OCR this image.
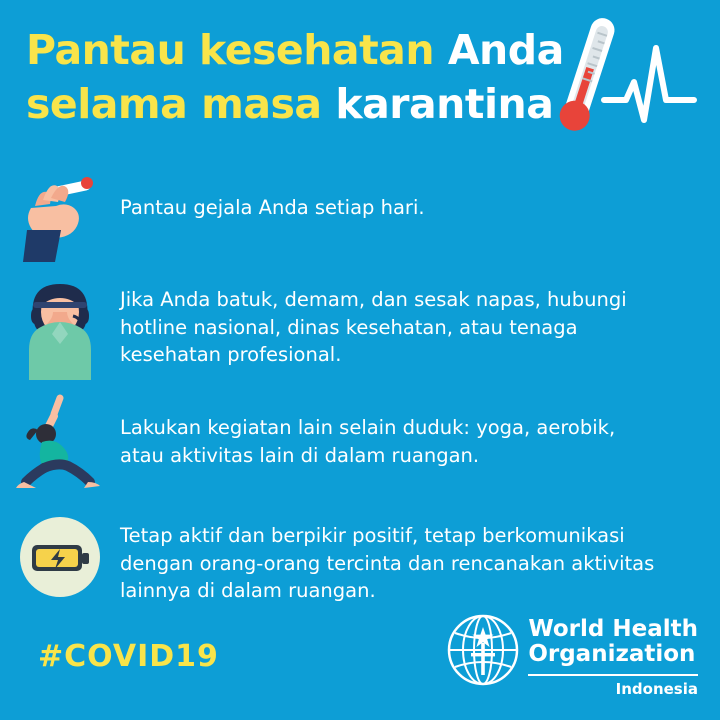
Pantau kesehatan Anda
selama masa karantina
Pantau gejala Anda setiap hari.
Jika Anda batuk, demam, dan sesak napas, hubungi hotline nasional, dinas kesehatan, atau tenaga kesehatan profesional.
Lakukan kegiatan lain selain duduk: yoga, aerobik, atau aktivitas lain di dalam ruangan.
Tetap aktif dan berpikir positif, tetap berkomunikasi dengan orang-orang tercinta dan rencanakan aktivitas lainnya di dalam ruangan.
#COVID19
World Health
Organization
Indonesia
